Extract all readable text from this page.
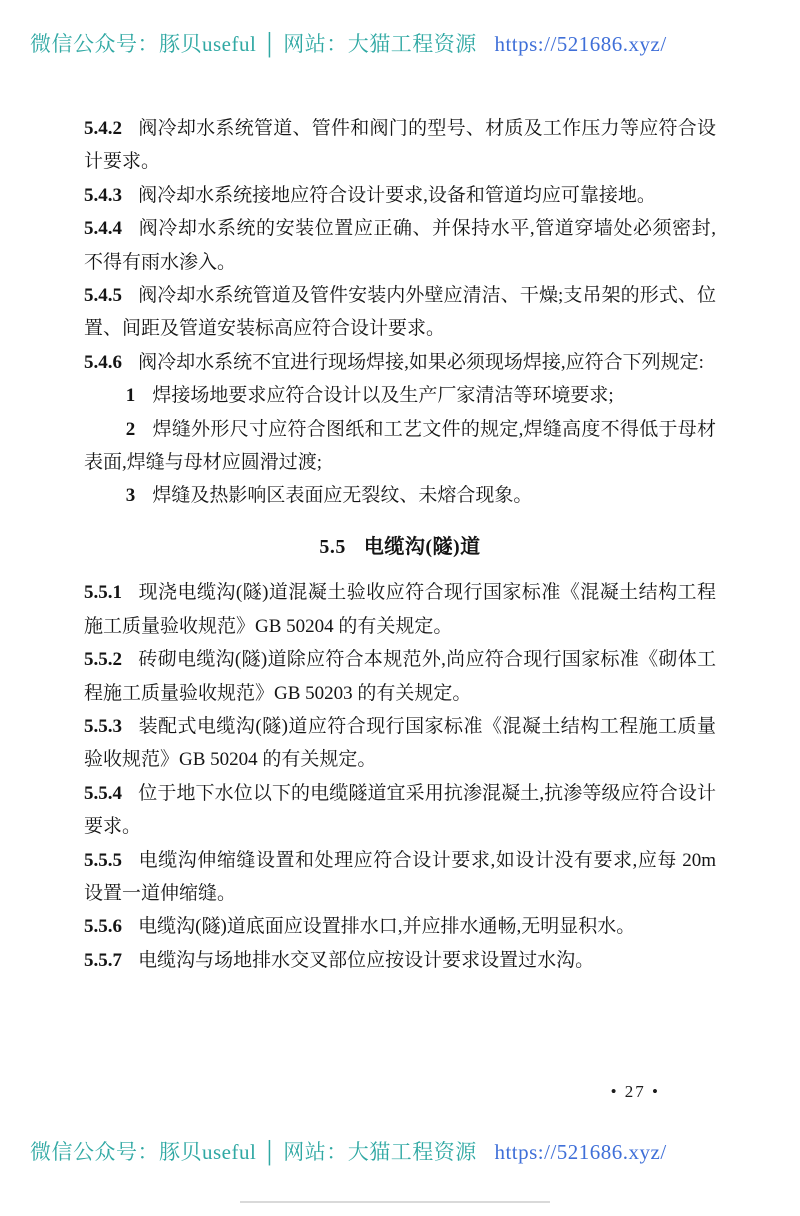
微信公众号：豚贝useful │ 网站：大猫工程资源 https://521686.xyz/

5.4.2 阀冷却水系统管道、管件和阀门的型号、材质及工作压力等应符合设计要求。

5.4.3 阀冷却水系统接地应符合设计要求,设备和管道均应可靠接地。

5.4.4 阀冷却水系统的安装位置应正确、并保持水平,管道穿墙处必须密封,不得有雨水渗入。

5.4.5 阀冷却水系统管道及管件安装内外壁应清洁、干燥;支吊架的形式、位置、间距及管道安装标高应符合设计要求。

5.4.6 阀冷却水系统不宜进行现场焊接,如果必须现场焊接,应符合下列规定:

1 焊接场地要求应符合设计以及生产厂家清洁等环境要求;

2 焊缝外形尺寸应符合图纸和工艺文件的规定,焊缝高度不得低于母材表面,焊缝与母材应圆滑过渡;

3 焊缝及热影响区表面应无裂纹、未熔合现象。

5.5 电缆沟(隧)道

5.5.1 现浇电缆沟(隧)道混凝土验收应符合现行国家标准《混凝土结构工程施工质量验收规范》GB 50204 的有关规定。

5.5.2 砖砌电缆沟(隧)道除应符合本规范外,尚应符合现行国家标准《砌体工程施工质量验收规范》GB 50203 的有关规定。

5.5.3 装配式电缆沟(隧)道应符合现行国家标准《混凝土结构工程施工质量验收规范》GB 50204 的有关规定。

5.5.4 位于地下水位以下的电缆隧道宜采用抗渗混凝土,抗渗等级应符合设计要求。

5.5.5 电缆沟伸缩缝设置和处理应符合设计要求,如设计没有要求,应每 20m 设置一道伸缩缝。

5.5.6 电缆沟(隧)道底面应设置排水口,并应排水通畅,无明显积水。

5.5.7 电缆沟与场地排水交叉部位应按设计要求设置过水沟。

• 27 •
微信公众号：豚贝useful │ 网站：大猫工程资源 https://521686.xyz/
